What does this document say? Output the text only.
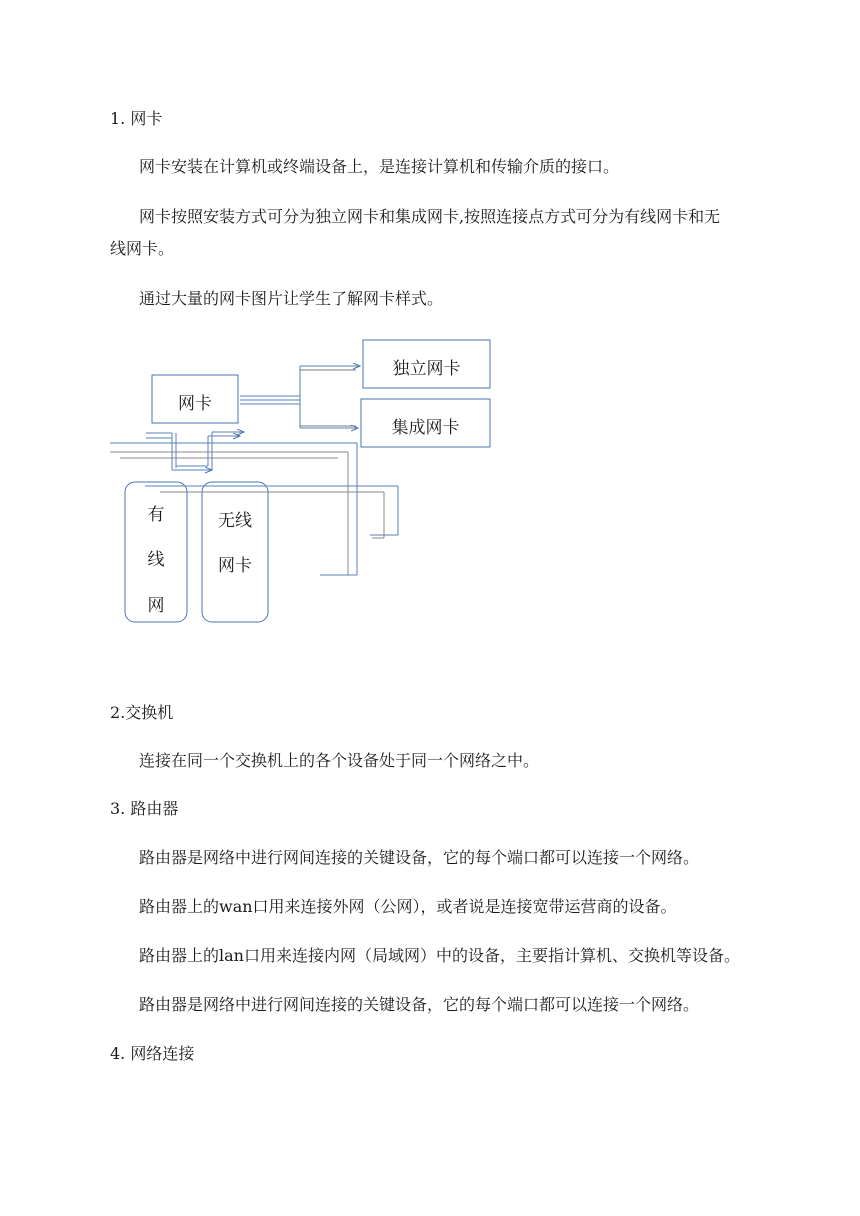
1. 网卡
网卡安装在计算机或终端设备上，是连接计算机和传输介质的接口。
网卡按照安装方式可分为独立网卡和集成网卡,按照连接点方式可分为有线网卡和无
线网卡。
通过大量的网卡图片让学生了解网卡样式。
网卡
独立网卡
集成网卡
有
线
网
无线
网卡
2.交换机
连接在同一个交换机上的各个设备处于同一个网络之中。
3. 路由器
路由器是网络中进行网间连接的关键设备，它的每个端口都可以连接一个网络。
路由器上的wan口用来连接外网（公网），或者说是连接宽带运营商的设备。
路由器上的lan口用来连接内网（局域网）中的设备，主要指计算机、交换机等设备。
路由器是网络中进行网间连接的关键设备，它的每个端口都可以连接一个网络。
4. 网络连接
